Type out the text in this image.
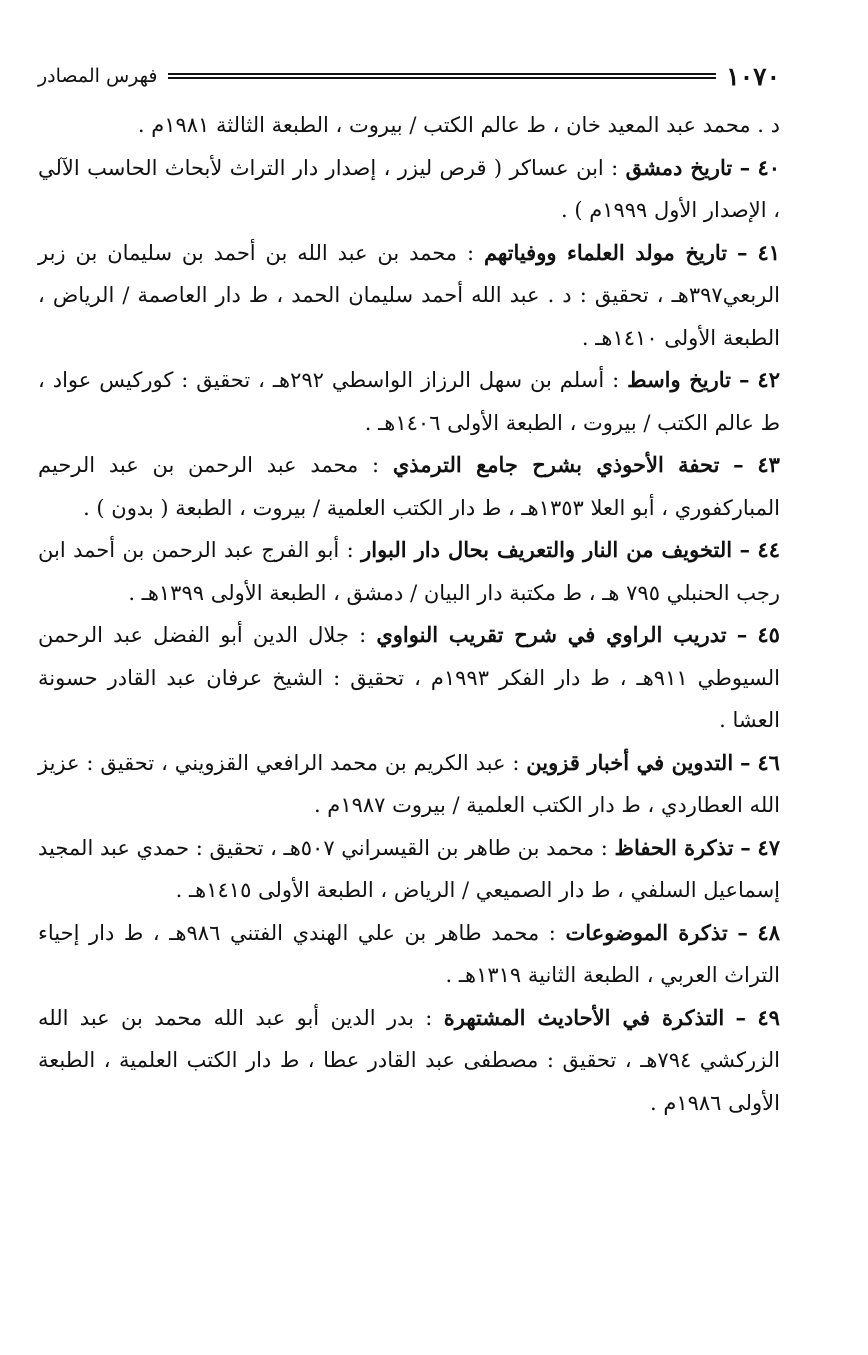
١٠٧٠
فهرس المصادر

د . محمد عبد المعيد خان ، ط عالم الكتب / بيروت ، الطبعة الثالثة ١٩٨١م .

٤٠ – تاريخ دمشق : ابن عساكر ( قرص ليزر ، إصدار دار التراث لأبحاث الحاسب الآلي ، الإصدار الأول ١٩٩٩م ) .

٤١ – تاريخ مولد العلماء ووفياتهم : محمد بن عبد الله بن أحمد بن سليمان بن زبر الربعي٣٩٧هـ ، تحقيق : د . عبد الله أحمد سليمان الحمد ، ط دار العاصمة / الرياض ، الطبعة الأولى ١٤١٠هـ .

٤٢ – تاريخ واسط : أسلم بن سهل الرزاز الواسطي ٢٩٢هـ ، تحقيق : كوركيس عواد ، ط عالم الكتب / بيروت ، الطبعة الأولى ١٤٠٦هـ .

٤٣ – تحفة الأحوذي بشرح جامع الترمذي : محمد عبد الرحمن بن عبد الرحيم المباركفوري ، أبو العلا ١٣٥٣هـ ، ط دار الكتب العلمية / بيروت ، الطبعة ( بدون ) .

٤٤ – التخويف من النار والتعريف بحال دار البوار : أبو الفرج عبد الرحمن بن أحمد ابن رجب الحنبلي ٧٩٥ هـ ، ط مكتبة دار البيان / دمشق ، الطبعة الأولى ١٣٩٩هـ .

٤٥ – تدريب الراوي في شرح تقريب النواوي : جلال الدين أبو الفضل عبد الرحمن السيوطي ٩١١هـ ، ط دار الفكر ١٩٩٣م ، تحقيق : الشيخ عرفان عبد القادر حسونة العشا .

٤٦ – التدوين في أخبار قزوين : عبد الكريم بن محمد الرافعي القزويني ، تحقيق : عزيز الله العطاردي ، ط دار الكتب العلمية / بيروت ١٩٨٧م .

٤٧ – تذكرة الحفاظ : محمد بن طاهر بن القيسراني ٥٠٧هـ ، تحقيق : حمدي عبد المجيد إسماعيل السلفي ، ط دار الصميعي / الرياض ، الطبعة الأولى ١٤١٥هـ .

٤٨ – تذكرة الموضوعات : محمد طاهر بن علي الهندي الفتني ٩٨٦هـ ، ط دار إحياء التراث العربي ، الطبعة الثانية ١٣١٩هـ .

٤٩ – التذكرة في الأحاديث المشتهرة : بدر الدين أبو عبد الله محمد بن عبد الله الزركشي ٧٩٤هـ ، تحقيق : مصطفى عبد القادر عطا ، ط دار الكتب العلمية ، الطبعة الأولى ١٩٨٦م .
